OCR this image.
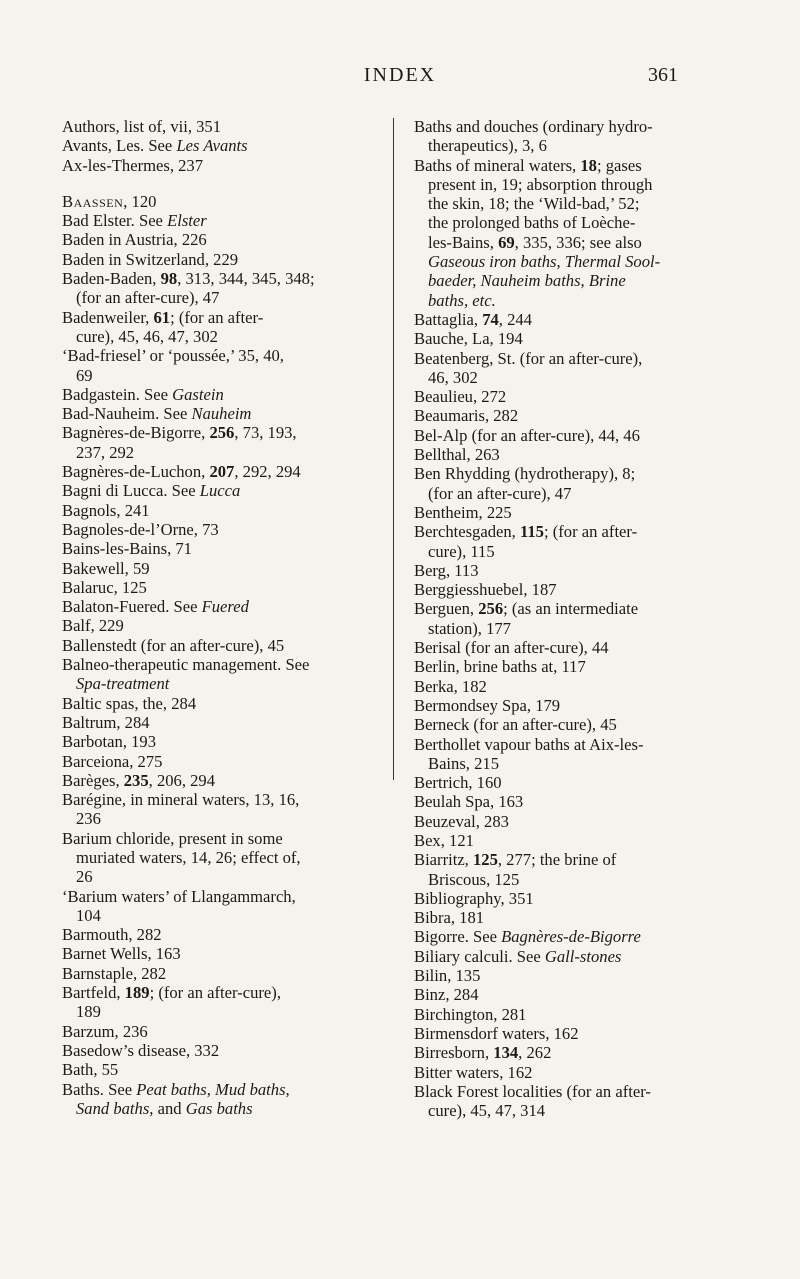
INDEX	361
Authors, list of, vii, 351
Avants, Les. See Les Avants
Ax-les-Thermes, 237
Baassen, 120
Bad Elster. See Elster
Baden in Austria, 226
Baden in Switzerland, 229
Baden-Baden, 98, 313, 344, 345, 348;
(for an after-cure), 47
Badenweiler, 61; (for an after-
cure), 45, 46, 47, 302
‘Bad-friesel’ or ‘poussée,’ 35, 40,
69
Badgastein. See Gastein
Bad-Nauheim. See Nauheim
Bagnères-de-Bigorre, 256, 73, 193,
237, 292
Bagnères-de-Luchon, 207, 292, 294
Bagni di Lucca. See Lucca
Bagnols, 241
Bagnoles-de-l’Orne, 73
Bains-les-Bains, 71
Bakewell, 59
Balaruc, 125
Balaton-Fuered. See Fuered
Balf, 229
Ballenstedt (for an after-cure), 45
Balneo-therapeutic management. See
Spa-treatment
Baltic spas, the, 284
Baltrum, 284
Barbotan, 193
Barceiona, 275
Barèges, 235, 206, 294
Barégine, in mineral waters, 13, 16,
236
Barium chloride, present in some
muriated waters, 14, 26; effect of,
26
‘Barium waters’ of Llangammarch,
104
Barmouth, 282
Barnet Wells, 163
Barnstaple, 282
Bartfeld, 189; (for an after-cure),
189
Barzum, 236
Basedow’s disease, 332
Bath, 55
Baths. See Peat baths, Mud baths,
Sand baths, and Gas baths
Baths and douches (ordinary hydro-
therapeutics), 3, 6
Baths of mineral waters, 18; gases
present in, 19; absorption through
the skin, 18; the ‘Wild-bad,’ 52;
the prolonged baths of Loèche-
les-Bains, 69, 335, 336; see also
Gaseous iron baths, Thermal Sool-
baeder, Nauheim baths, Brine
baths, etc.
Battaglia, 74, 244
Bauche, La, 194
Beatenberg, St. (for an after-cure),
46, 302
Beaulieu, 272
Beaumaris, 282
Bel-Alp (for an after-cure), 44, 46
Bellthal, 263
Ben Rhydding (hydrotherapy), 8;
(for an after-cure), 47
Bentheim, 225
Berchtesgaden, 115; (for an after-
cure), 115
Berg, 113
Berggiesshuebel, 187
Berguen, 256; (as an intermediate
station), 177
Berisal (for an after-cure), 44
Berlin, brine baths at, 117
Berka, 182
Bermondsey Spa, 179
Berneck (for an after-cure), 45
Berthollet vapour baths at Aix-les-
Bains, 215
Bertrich, 160
Beulah Spa, 163
Beuzeval, 283
Bex, 121
Biarritz, 125, 277; the brine of
Briscous, 125
Bibliography, 351
Bibra, 181
Bigorre. See Bagnères-de-Bigorre
Biliary calculi. See Gall-stones
Bilin, 135
Binz, 284
Birchington, 281
Birmensdorf waters, 162
Birresborn, 134, 262
Bitter waters, 162
Black Forest localities (for an after-
cure), 45, 47, 314
